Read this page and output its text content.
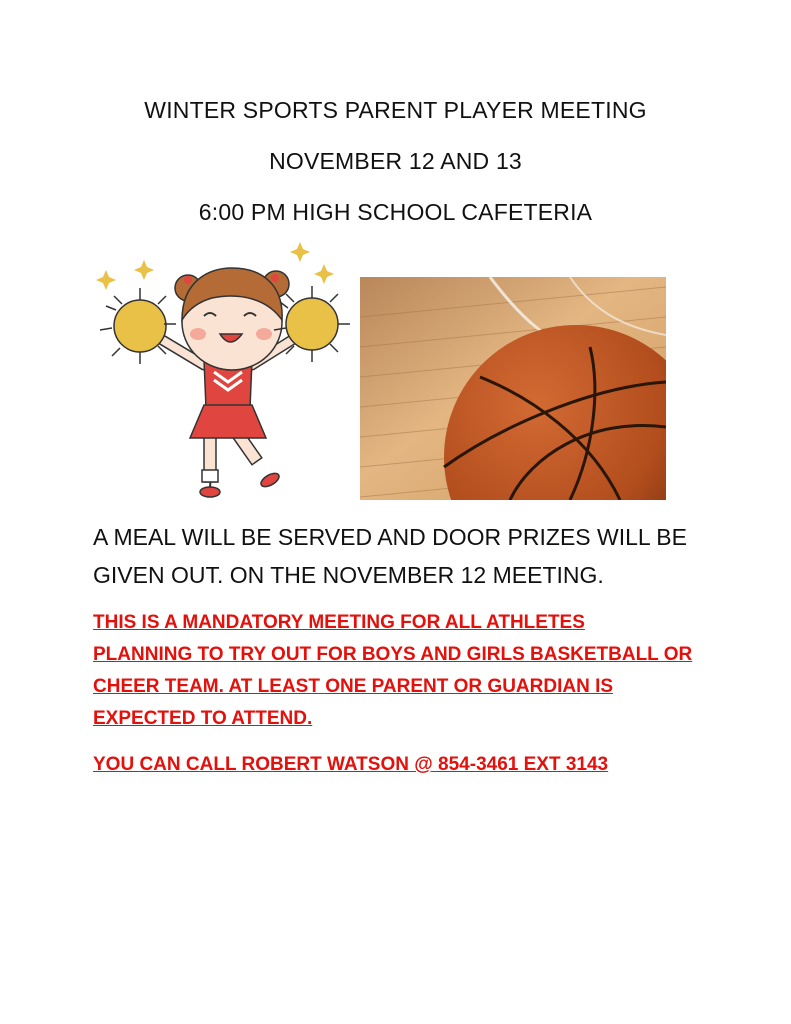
WINTER SPORTS PARENT PLAYER MEETING
NOVEMBER 12 AND 13
6:00 PM HIGH SCHOOL CAFETERIA
A MEAL WILL BE SERVED AND DOOR PRIZES WILL BE
GIVEN OUT. ON THE NOVEMBER 12 MEETING.
THIS IS A MANDATORY MEETING FOR ALL ATHLETES
PLANNING TO TRY OUT FOR BOYS AND GIRLS BASKETBALL OR
CHEER TEAM. AT LEAST ONE PARENT OR GUARDIAN IS
EXPECTED TO ATTEND.
YOU CAN CALL ROBERT WATSON @ 854-3461 EXT 3143
